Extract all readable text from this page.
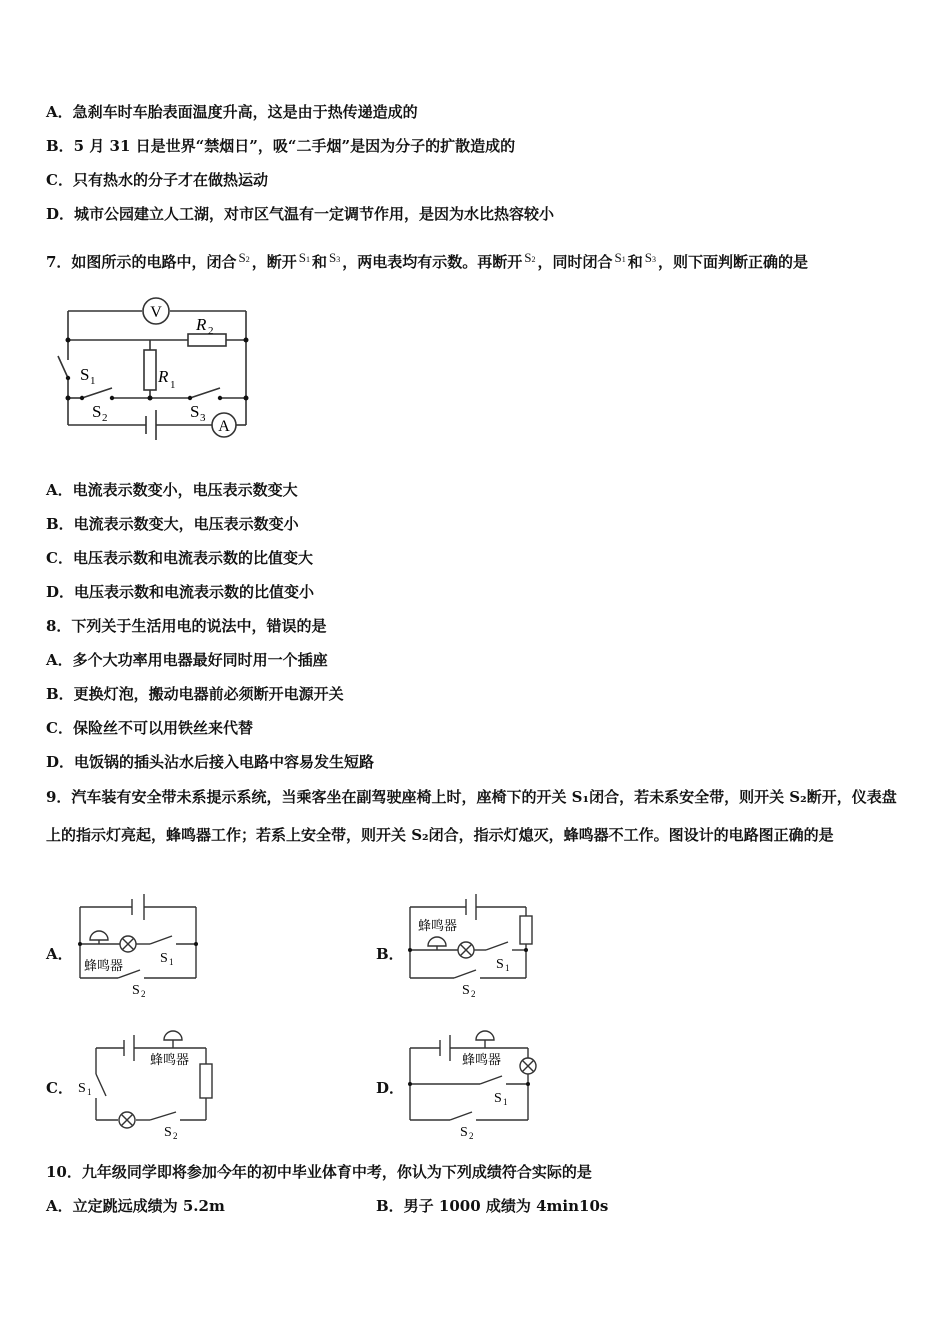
A．急刹车时车胎表面温度升高，这是由于热传递造成的
B．5 月 31 日是世界“禁烟日”，吸“二手烟”是因为分子的扩散造成的
C．只有热水的分子才在做热运动
D．城市公园建立人工湖，对市区气温有一定调节作用，是因为水比热容较小
7．如图所示的电路中，闭合 S2 ，断开 S1 和 S3 ，两电表均有示数。再断开 S2 ，同时闭合 S1 和 S3 ，则下面判断正确的是
V
A
R 2
R 1
S 1
S 2	S 3
A．电流表示数变小，电压表示数变大
B．电流表示数变大，电压表示数变小
C．电压表示数和电流表示数的比值变大
D．电压表示数和电流表示数的比值变小
8．下列关于生活用电的说法中，错误的是
A．多个大功率用电器最好同时用一个插座
B．更换灯泡，搬动电器前必须断开电源开关
C．保险丝不可以用铁丝来代替
D．电饭锅的插头沾水后接入电路中容易发生短路
9．汽车装有安全带未系提示系统，当乘客坐在副驾驶座椅上时，座椅下的开关 S₁闭合，若未系安全带，则开关 S₂断开，仪表盘上的指示灯亮起，蜂鸣器工作；若系上安全带，则开关 S₂闭合，指示灯熄灭，蜂鸣器不工作。图设计的电路图正确的是
A．	B．
C．	D．
蜂鸣器	S 1
S 2
蜂鸣器
S 1
S 2
蜂鸣器
S 1
S 2
蜂鸣器
S 1
S 2
10．九年级同学即将参加今年的初中毕业体育中考，你认为下列成绩符合实际的是
A．立定跳远成绩为 5.2m	B．男子 1000 成绩为 4min10s
